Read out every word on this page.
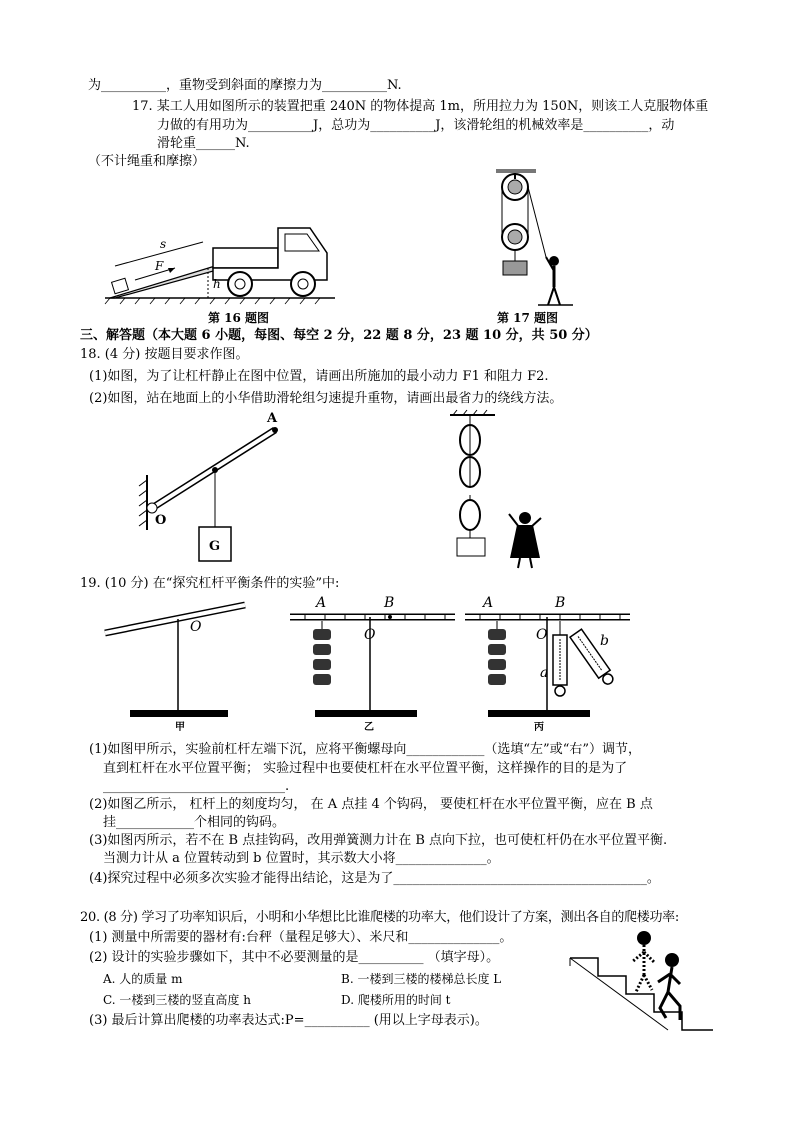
为__________，重物受到斜面的摩擦力为__________N.
17. 某工人用如图所示的装置把重 240N 的物体提高 1m，所用拉力为 150N，则该工人克服物体重
力做的有用功为__________J，总功为__________J，该滑轮组的机械效率是__________，动
滑轮重______N.
（不计绳重和摩擦）
s
F
h
第 16 题图	第 17 题图
三、解答题（本大题 6 小题，每图、每空 2 分，22 题 8 分，23 题 10 分，共 50 分）
18. (4 分) 按题目要求作图。
(1)如图，为了让杠杆静止在图中位置，请画出所施加的最小动力 F1 和阻力 F2.
(2)如图，站在地面上的小华借助滑轮组匀速提升重物，请画出最省力的绕线方法。
A
O
G
19. (10 分) 在“探究杠杆平衡条件的实验”中:
O
A	B
O
A	B
O
a
b
甲	乙	丙
(1)如图甲所示，实验前杠杆左端下沉，应将平衡螺母向____________（选填“左”或“右”）调节，
直到杠杆在水平位置平衡； 实验过程中也要使杠杆在水平位置平衡，这样操作的目的是为了
____________________________.
(2)如图乙所示， 杠杆上的刻度均匀， 在 A 点挂 4 个钩码， 要使杠杆在水平位置平衡，应在 B 点
挂____________个相同的钩码。
(3)如图丙所示，若不在 B 点挂钩码，改用弹簧测力计在 B 点向下拉，也可使杠杆仍在水平位置平衡.
当测力计从 a 位置转动到 b 位置时，其示数大小将______________。
(4)探究过程中必须多次实验才能得出结论，这是为了_______________________________________。
20. (8 分) 学习了功率知识后，小明和小华想比比谁爬楼的功率大，他们设计了方案，测出各自的爬楼功率:
(1) 测量中所需要的器材有:台秤（量程足够大）、米尺和______________。
(2) 设计的实验步骤如下，其中不必要测量的是__________ （填字母）。
A. 人的质量 m	B. 一楼到三楼的楼梯总长度 L
C. 一楼到三楼的竖直高度 h	D. 爬楼所用的时间 t
(3) 最后计算出爬楼的功率表达式:P=__________ (用以上字母表示)。
